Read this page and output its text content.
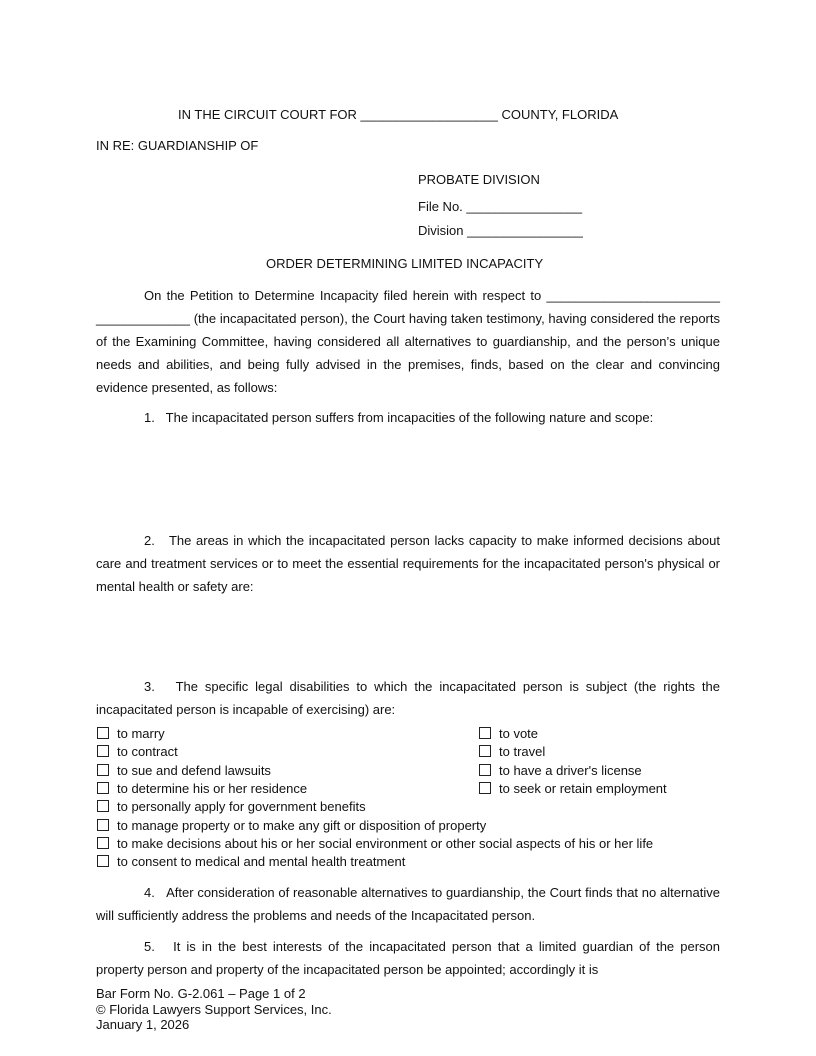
IN THE CIRCUIT COURT FOR ___________________ COUNTY, FLORIDA
IN RE: GUARDIANSHIP OF
PROBATE DIVISION
File No. ________________
Division ________________
ORDER DETERMINING LIMITED INCAPACITY

On the Petition to Determine Incapacity filed herein with respect to ________________________ _____________ (the incapacitated person), the Court having taken testimony, having considered the reports of the Examining Committee, having considered all alternatives to guardianship, and the person’s unique needs and abilities, and being fully advised in the premises, finds, based on the clear and convincing evidence presented, as follows:

1.   The incapacitated person suffers from incapacities of the following nature and scope:

2.   The areas in which the incapacitated person lacks capacity to make informed decisions about care and treatment services or to meet the essential requirements for the incapacitated person's physical or mental health or safety are:

3.   The specific legal disabilities to which the incapacitated person is subject (the rights the incapacitated person is incapable of exercising) are:

to marry
to contract
to sue and defend lawsuits
to determine his or her residence
to personally apply for government benefits
to manage property or to make any gift or disposition of property
to make decisions about his or her social environment or other social aspects of his or her life
to consent to medical and mental health treatment
to vote
to travel
to have a driver's license
to seek or retain employment

4.   After consideration of reasonable alternatives to guardianship, the Court finds that no alternative will sufficiently address the problems and needs of the Incapacitated person.

5.   It is in the best interests of the incapacitated person that a limited guardian of the person property person and property of the incapacitated person be appointed; accordingly it is

Bar Form No. G-2.061 – Page 1 of 2
© Florida Lawyers Support Services, Inc.
January 1, 2026
